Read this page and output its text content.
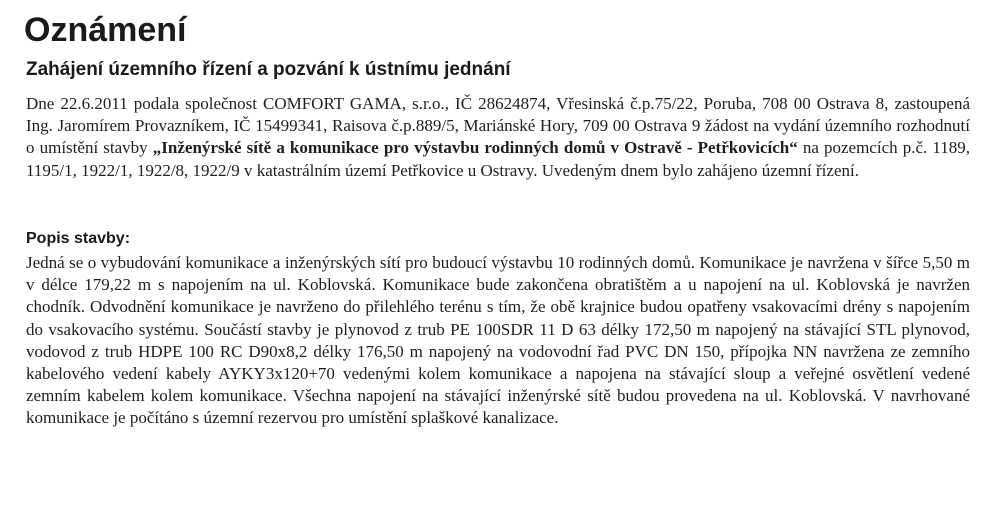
Oznámení
Zahájení územního řízení a pozvání k ústnímu jednání

Dne 22.6.2011 podala společnost COMFORT GAMA, s.r.o., IČ 28624874, Vřesinská č.p.75/22, Poruba, 708 00 Ostrava 8, zastoupená Ing. Jaromírem Provazníkem, IČ 15499341, Raisova č.p.889/5, Mariánské Hory, 709 00 Ostrava 9 žádost na vydání územního rozhodnutí o umístění stavby „Inženýrské sítě a komunikace pro výstavbu rodinných domů v Ostravě - Petřkovicích“ na pozemcích p.č. 1189, 1195/1, 1922/1, 1922/8, 1922/9 v katastrálním území Petřkovice u Ostravy. Uvedeným dnem bylo zahájeno územní řízení.

Popis stavby:

Jedná se o vybudování komunikace a inženýrských sítí pro budoucí výstavbu 10 rodinných domů. Komunikace je navržena v šířce 5,50 m v délce 179,22 m s napojením na ul. Koblovská. Komunikace bude zakončena obratištěm a u napojení na ul. Koblovská je navržen chodník. Odvodnění komunikace je navrženo do přilehlého terénu s tím, že obě krajnice budou opatřeny vsakovacími drény s napojením do vsakovacího systému. Součástí stavby je plynovod z trub PE 100SDR 11 D 63 délky 172,50 m napojený na stávající STL plynovod, vodovod z trub HDPE 100 RC D90x8,2 délky 176,50 m napojený na vodovodní řad PVC DN 150, přípojka NN navržena ze zemního kabelového vedení kabely AYKY3x120+70 vedenými kolem komunikace a napojena na stávající sloup a veřejné osvětlení vedené zemním kabelem kolem komunikace. Všechna napojení na stávající inženýrské sítě budou provedena na ul. Koblovská. V navrhované komunikace je počítáno s územní rezervou pro umístění splaškové kanalizace.
